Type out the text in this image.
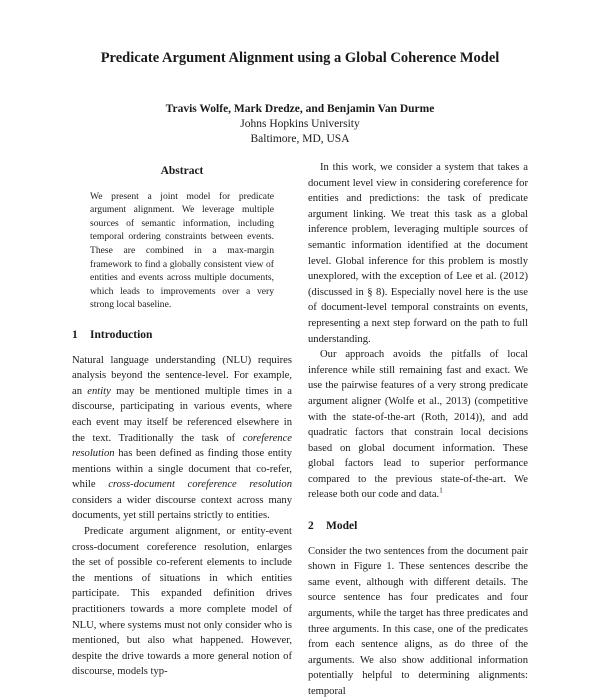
Predicate Argument Alignment using a Global Coherence Model
Travis Wolfe, Mark Dredze, and Benjamin Van Durme
Johns Hopkins University
Baltimore, MD, USA
Abstract

We present a joint model for predicate argument alignment. We leverage multiple sources of semantic information, including temporal ordering constraints between events. These are combined in a max-margin framework to find a globally consistent view of entities and events across multiple documents, which leads to improvements over a very strong local baseline.

1 Introduction

Natural language understanding (NLU) requires analysis beyond the sentence-level. For example, an entity may be mentioned multiple times in a discourse, participating in various events, where each event may itself be referenced elsewhere in the text. Traditionally the task of coreference resolution has been defined as finding those entity mentions within a single document that co-refer, while cross-document coreference resolution considers a wider discourse context across many documents, yet still pertains strictly to entities.

Predicate argument alignment, or entity-event cross-document coreference resolution, enlarges the set of possible co-referent elements to include the mentions of situations in which entities participate. This expanded definition drives practitioners towards a more complete model of NLU, where systems must not only consider who is mentioned, but also what happened. However, despite the drive towards a more general notion of discourse, models typ-

In this work, we consider a system that takes a document level view in considering coreference for entities and predictions: the task of predicate argument linking. We treat this task as a global inference problem, leveraging multiple sources of semantic information identified at the document level. Global inference for this problem is mostly unexplored, with the exception of Lee et al. (2012) (discussed in § 8). Especially novel here is the use of document-level temporal constraints on events, representing a next step forward on the path to full understanding.

Our approach avoids the pitfalls of local inference while still remaining fast and exact. We use the pairwise features of a very strong predicate argument aligner (Wolfe et al., 2013) (competitive with the state-of-the-art (Roth, 2014)), and add quadratic factors that constrain local decisions based on global document information. These global factors lead to superior performance compared to the previous state-of-the-art. We release both our code and data.$^1$

2 Model

Consider the two sentences from the document pair shown in Figure 1. These sentences describe the same event, although with different details. The source sentence has four predicates and four arguments, while the target has three predicates and three arguments. In this case, one of the predicates from each sentence aligns, as do three of the arguments. We also show additional information potentially helpful to determining alignments: temporal
